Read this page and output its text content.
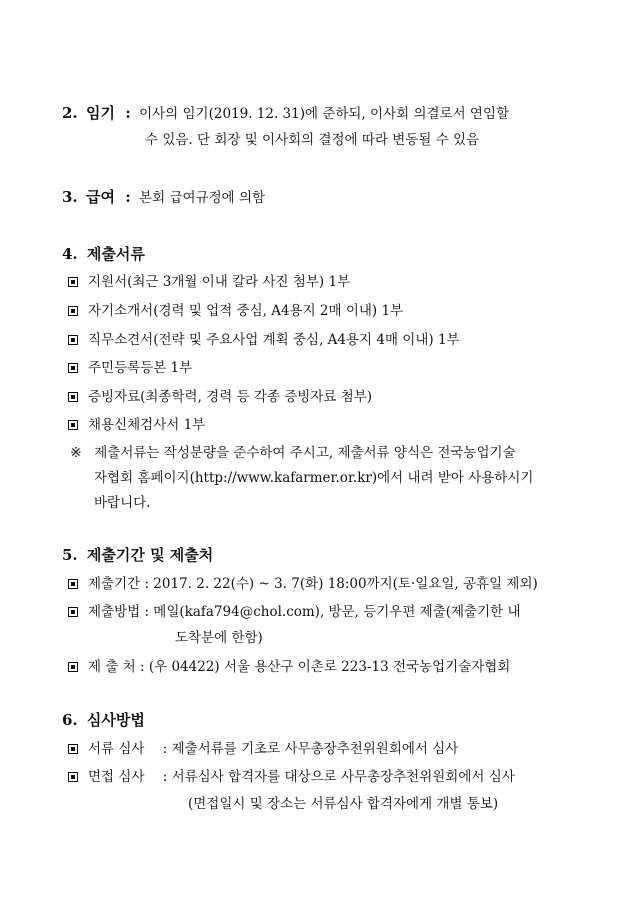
2. 임기 : 이사의 임기(2019. 12. 31)에 준하되, 이사회 의결로서 연임할
수 있음. 단 회장 및 이사회의 결정에 따라 변동될 수 있음
3. 급여 : 본회 급여규정에 의함
4. 제출서류
지원서(최근 3개월 이내 칼라 사진 첨부) 1부
자기소개서(경력 및 업적 중심, A4용지 2매 이내) 1부
직무소견서(전략 및 주요사업 계획 중심, A4용지 4매 이내) 1부
주민등록등본 1부
증빙자료(최종학력, 경력 등 각종 증빙자료 첨부)
채용신체검사서 1부
※ 제출서류는 작성분량을 준수하여 주시고, 제출서류 양식은 전국농업기술
자협회 홈페이지(http://www.kafarmer.or.kr)에서 내려 받아 사용하시기
바랍니다.
5. 제출기간 및 제출처
제출기간 : 2017. 2. 22(수) ~ 3. 7(화) 18:00까지(토·일요일, 공휴일 제외)
제출방법 : 메일(kafa794@chol.com), 방문, 등기우편 제출(제출기한 내
도착분에 한함)
제 출 처 : (우 04422) 서울 용산구 이촌로 223-13 전국농업기술자협회
6. 심사방법
서류 심사 : 제출서류를 기초로 사무총장추천위원회에서 심사
면접 심사 : 서류심사 합격자를 대상으로 사무총장추천위원회에서 심사
(면접일시 및 장소는 서류심사 합격자에게 개별 통보)
